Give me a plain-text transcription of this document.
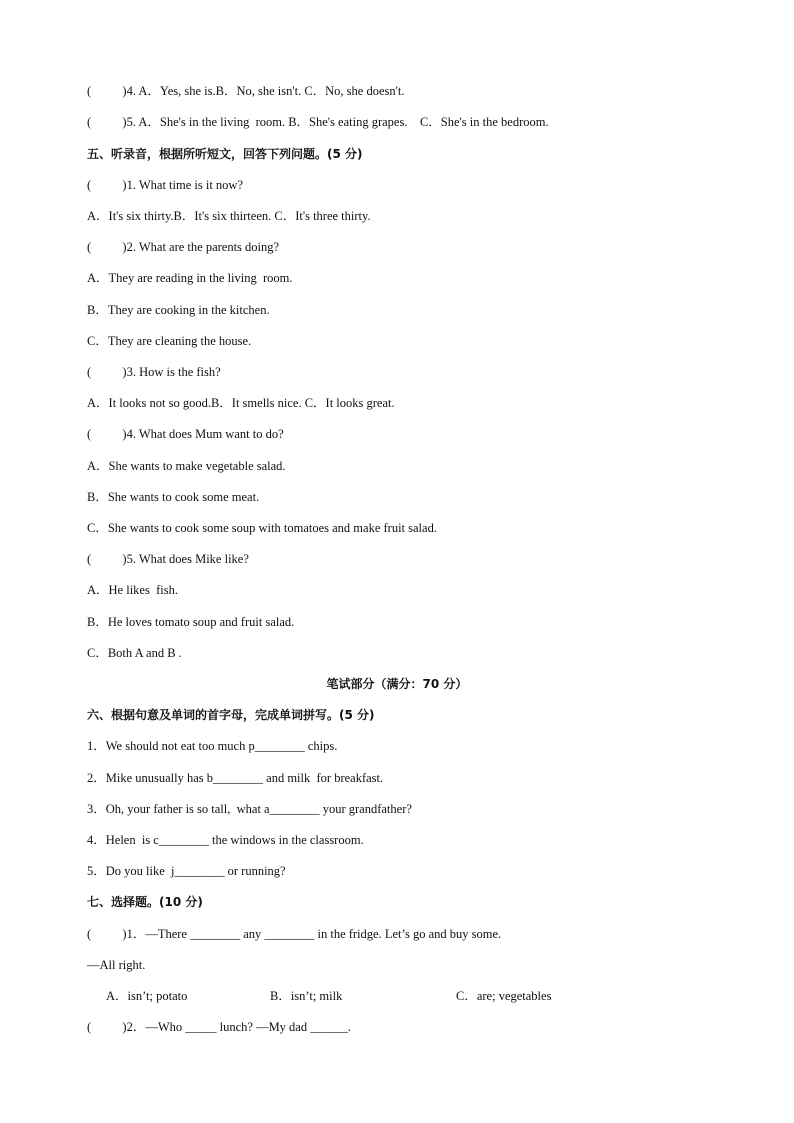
(          )4. A．Yes, she is.B．No, she isn't. C．No, she doesn't.
(          )5. A．She's in the living  room. B．She's eating grapes.    C．She's in the bedroom.
五、听录音，根据所听短文，回答下列问题。(5 分)
(          )1. What time is it now?
A．It's six thirty.B．It's six thirteen. C．It's three thirty.
(          )2. What are the parents doing?
A．They are reading in the living  room.
B．They are cooking in the kitchen.
C．They are cleaning the house.
(          )3. How is the fish?
A．It looks not so good.B．It smells nice. C．It looks great.
(          )4. What does Mum want to do?
A．She wants to make vegetable salad.
B．She wants to cook some meat.
C．She wants to cook some soup with tomatoes and make fruit salad.
(          )5. What does Mike like?
A．He likes  fish.
B．He loves tomato soup and fruit salad.
C．Both A and B .
笔试部分（满分：70 分）
六、根据句意及单词的首字母，完成单词拼写。(5 分)
1．We should not eat too much p________ chips.
2．Mike unusually has b________ and milk  for breakfast.
3．Oh, your father is so tall,  what a________ your grandfather?
4．Helen  is c________ the windows in the classroom.
5．Do you like  j________ or running?
七、选择题。(10 分)
(          )1．—There ________ any ________ in the fridge. Let’s go and buy some.
—All right.
A．isn’t; potato	B．isn’t; milk	C．are; vegetables
(          )2．—Who _____ lunch? —My dad ______.
